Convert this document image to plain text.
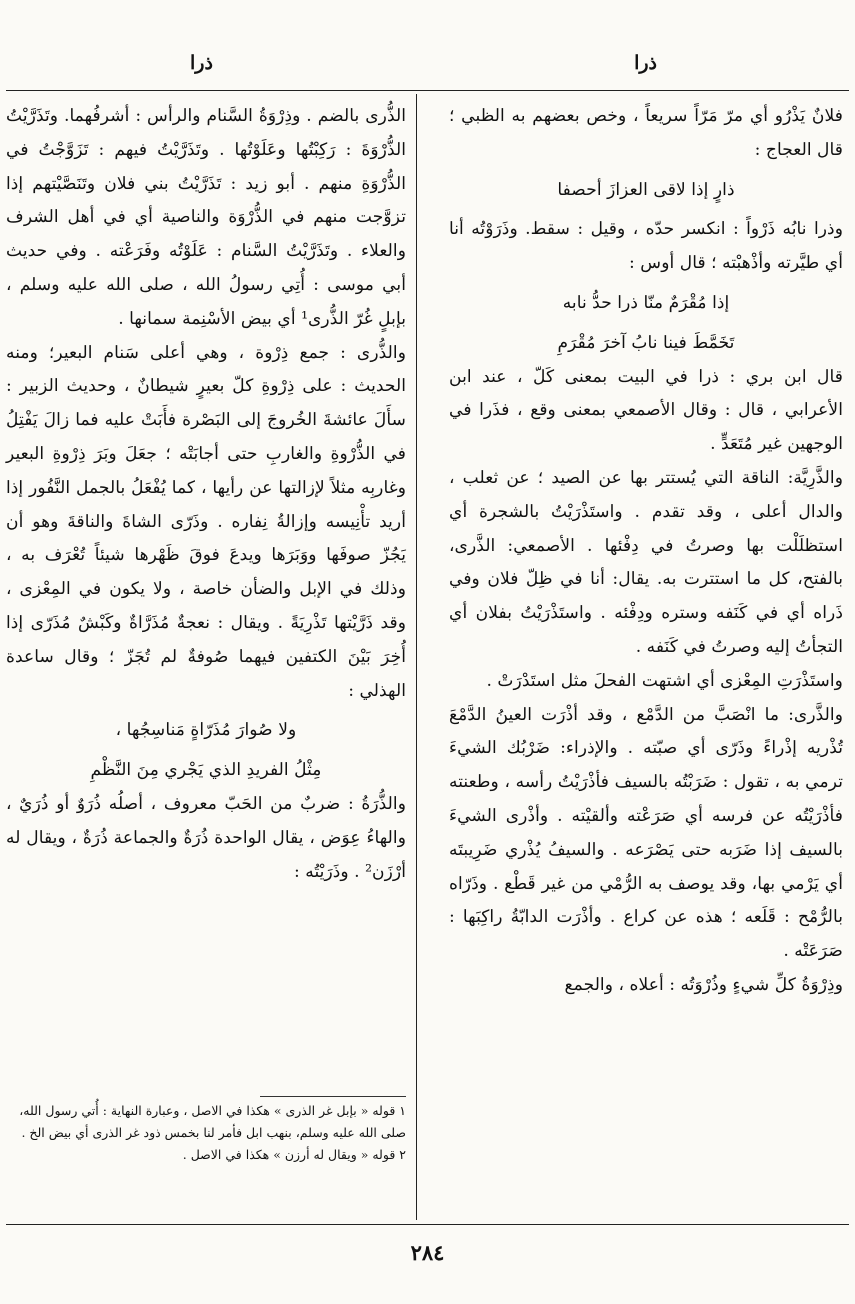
ذرا
ذرا

فلانٌ يَذْرُو أي مرّ مَرّاً سريعاً ، وخص بعضهم به الظبي ؛ قال العجاج :

ذارٍ إذا لاقى العزازَ أحصفا

وذرا نابُه ذَرْواً : انكسر حدّه ، وقيل : سقط. وذَرَوْتُه أنا أي طيَّرته وأذْهبْته ؛ قال أوس :

إذا مُقْرَمٌ منّا ذرا حدُّ نابه

تَخَمَّطَ فينا نابُ آخرَ مُقْرَمِ

قال ابن بري : ذرا في البيت بمعنى كَلّ ، عند ابن الأعرابي ، قال : وقال الأصمعي بمعنى وقع ، فذَرا في الوجهين غير مُتَعَدٍّ .

والذَّرِيَّة: الناقة التي يُستتر بها عن الصيد ؛ عن ثعلب ، والدال أعلى ، وقد تقدم . واستَذْرَيْتُ بالشجرة أي استظلَلْت بها وصرتُ في دِفْئها . الأصمعي: الذَّرى، بالفتح، كل ما استترت به. يقال: أنا في ظِلّ فلان وفي ذَراه أي في كَنَفه وستره ودِفْئه . واستَذْرَيْتُ بفلان أي التجأتُ إليه وصرتُ في كَنَفه .

واستَذْرَتِ المِعْزى أي اشتهت الفحلَ مثل استَدْرَتْ .

والذَّرى: ما انْصَبَّ من الدَّمْع ، وقد أذْرَت العينُ الدَّمْعَ تُذْريه إذْراءً وذَرّى أي صبّته . والإذراء: ضَرْبُك الشيءَ ترمي به ، تقول : ضَرَبْتُه بالسيف فأذْرَيْتُ رأسه ، وطعنته فأذْرَيْتُه عن فرسه أي صَرَعْته وألقيْته . وأذْرى الشيءَ بالسيف إذا ضَرَبه حتى يَصْرَعه . والسيفُ يُذْري ضَرِيبتَه أي يَرْمي بها، وقد يوصف به الرُّمْي من غير قَطْع . وذَرّاه بالرُّمْح : قَلَعه ؛ هذه عن كراع . وأذْرَت الدابّةُ راكِبَها : صَرَعَتْه .

وذِرْوَةُ كلِّ شيءٍ وذُرْوَتُه : أعلاه ، والجمع

الذُّرى بالضم . وذِرْوَةُ السَّنام والرأس : أشرفُهما. وتَذَرَّيْتُ الذُّرْوَةَ : رَكِبْتُها وعَلَوْتُها . وتَذَرَّيْتُ فيهم : تَزَوَّجْتُ في الذُّرْوَةِ منهم . أبو زيد : تَذَرَّيْتُ بني فلان وتَنَصَّيْتهم إذا تزوَّجت منهم في الذُّرْوَة والناصية أي في أهل الشرف والعلاء . وتَذَرَّيْتُ السَّنام : عَلَوْتُه وفَرَعْته . وفي حديث أبي موسى : أُتِي رسولُ الله ، صلى الله عليه وسلم ، بإبلٍ غُرّ الذُّرى¹ أي بيض الأسْنِمة سمانها .

والذُّرى : جمع ذِرْوة ، وهي أعلى سَنام البعير؛ ومنه الحديث : على ذِرْوةِ كلّ بعيرٍ شيطانٌ ، وحديث الزبير : سأَلَ عائشةَ الخُروجَ إلى البَصْرة فأَبَتْ عليه فما زالَ يَفْتِلُ في الذُّرْوةِ والغاربِ حتى أجابَتْه ؛ جعَلَ وبَرَ ذِرْوةِ البعير وغاربِه مثلاً لإزالتها عن رأيها ، كما يُفْعَلُ بالجمل النَّفُور إذا أريد تأْنِيسه وإزالةُ نِفاره . وذَرّى الشاةَ والناقةَ وهو أن يَجُزّ صوفَها ووَبَرَها ويدعَ فوقَ ظَهْرها شيئاً تُعْرَف به ، وذلك في الإبل والضأن خاصة ، ولا يكون في المِعْزى ، وقد ذَرَّيْتها تَذْرِيَةً . ويقال : نعجةٌ مُذَرَّاةٌ وكَبْشٌ مُذَرّى إذا أُخِرَ بَيْنَ الكتفين فيهما صُوفةٌ لم تُجَزّ ؛ وقال ساعدة الهذلي :

ولا صُوارَ مُذَرّاةٍ مَناسِجُها ،

مِثْلُ الفريدِ الذي يَجْري مِنَ النَّظْمِ

والذُّرَةُ : ضربٌ من الحَبّ معروف ، أصلُه ذُرَوٌ أو ذُرَيٌ ، والهاءُ عِوَض ، يقال الواحدة ذُرَةٌ والجماعة ذُرَةٌ ، ويقال له أرْزَن² . وذَرَيْتُه :

١ قوله « بإبل غر الذرى » هكذا في الاصل ، وعبارة النهاية : أُتي رسول الله، صلى الله عليه وسلم، بنهب ابل فأمر لنا بخمس ذود غر الذرى أي بيض الخ .

٢ قوله « ويقال له أرزن » هكذا في الاصل .

٢٨٤
